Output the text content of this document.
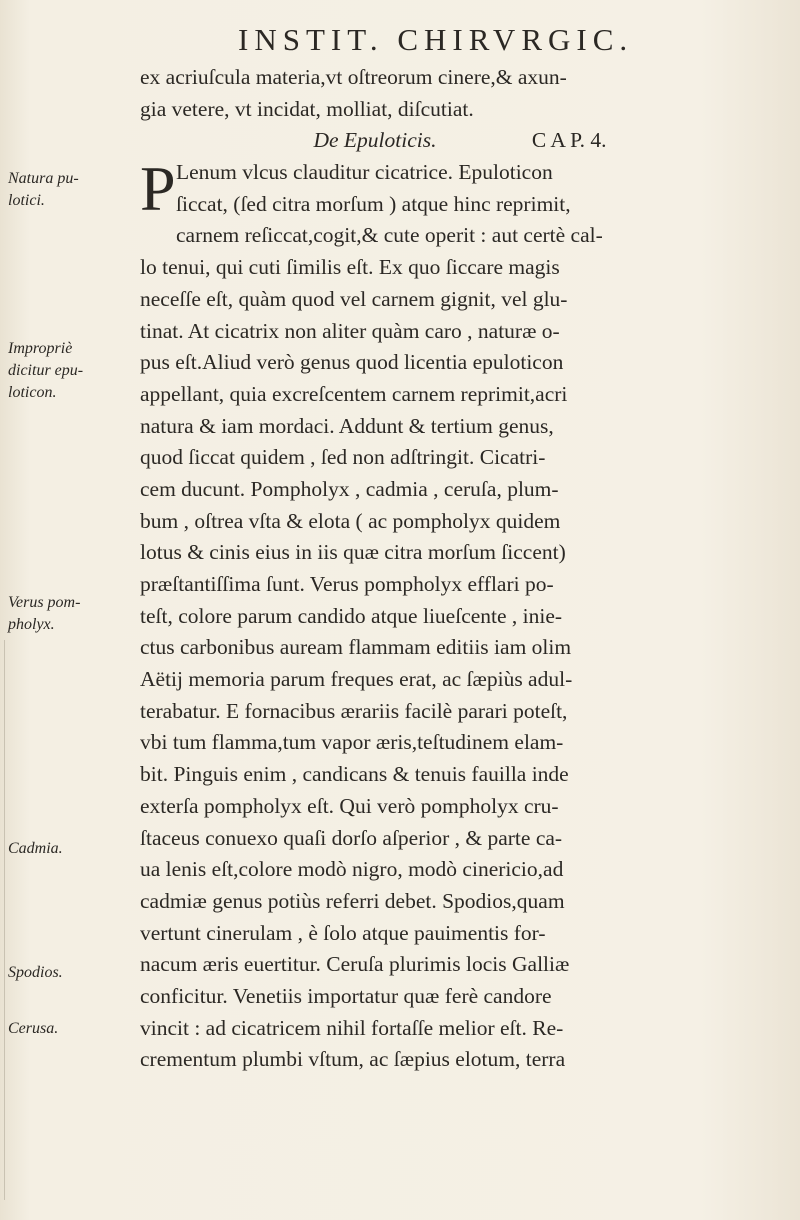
INSTIT. CHIRVRGIC.
Natura pu-
lotici.
Impropriè
dicitur epu-
loticon.
Verus pom-
pholyx.
Cadmia.
Spodios.
Cerusa.
ex acriuſcula materia,vt oſtreorum cinere,& axun-
gia vetere, vt incidat, molliat, diſcutiat.
De Epuloticis.	C A P. 4.
P Lenum vlcus clauditur cicatrice. Epuloticon
ſiccat, (ſed citra morſum ) atque hinc reprimit,
carnem reſiccat,cogit,& cute operit : aut certè cal-
lo tenui, qui cuti ſimilis eſt. Ex quo ſiccare magis
neceſſe eſt, quàm quod vel carnem gignit, vel glu-
tinat. At cicatrix non aliter quàm caro , naturæ o-
pus eſt.Aliud verò genus quod licentia epuloticon
appellant, quia excreſcentem carnem reprimit,acri
natura & iam mordaci. Addunt & tertium genus,
quod ſiccat quidem , ſed non adſtringit. Cicatri-
cem ducunt. Pompholyx , cadmia , ceruſa, plum-
bum , oſtrea vſta & elota ( ac pompholyx quidem
lotus & cinis eius in iis quæ citra morſum ſiccent)
præſtantiſſima ſunt. Verus pompholyx efflari po-
teſt, colore parum candido atque liueſcente , inie-
ctus carbonibus auream flammam editiis iam olim
Aëtij memoria parum freques erat, ac ſæpiùs adul-
terabatur. E fornacibus ærariis facilè parari poteſt,
vbi tum flamma,tum vapor æris,teſtudinem elam-
bit. Pinguis enim , candicans & tenuis fauilla inde
exterſa pompholyx eſt. Qui verò pompholyx cru-
ſtaceus conuexo quaſi dorſo aſperior , & parte ca-
ua lenis eſt,colore modò nigro, modò cinericio,ad
cadmiæ genus potiùs referri debet. Spodios,quam
vertunt cinerulam , è ſolo atque pauimentis for-
nacum æris euertitur. Ceruſa plurimis locis Galliæ
conficitur. Venetiis importatur quæ ferè candore
vincit : ad cicatricem nihil fortaſſe melior eſt. Re-
crementum plumbi vſtum, ac ſæpius elotum, terra
